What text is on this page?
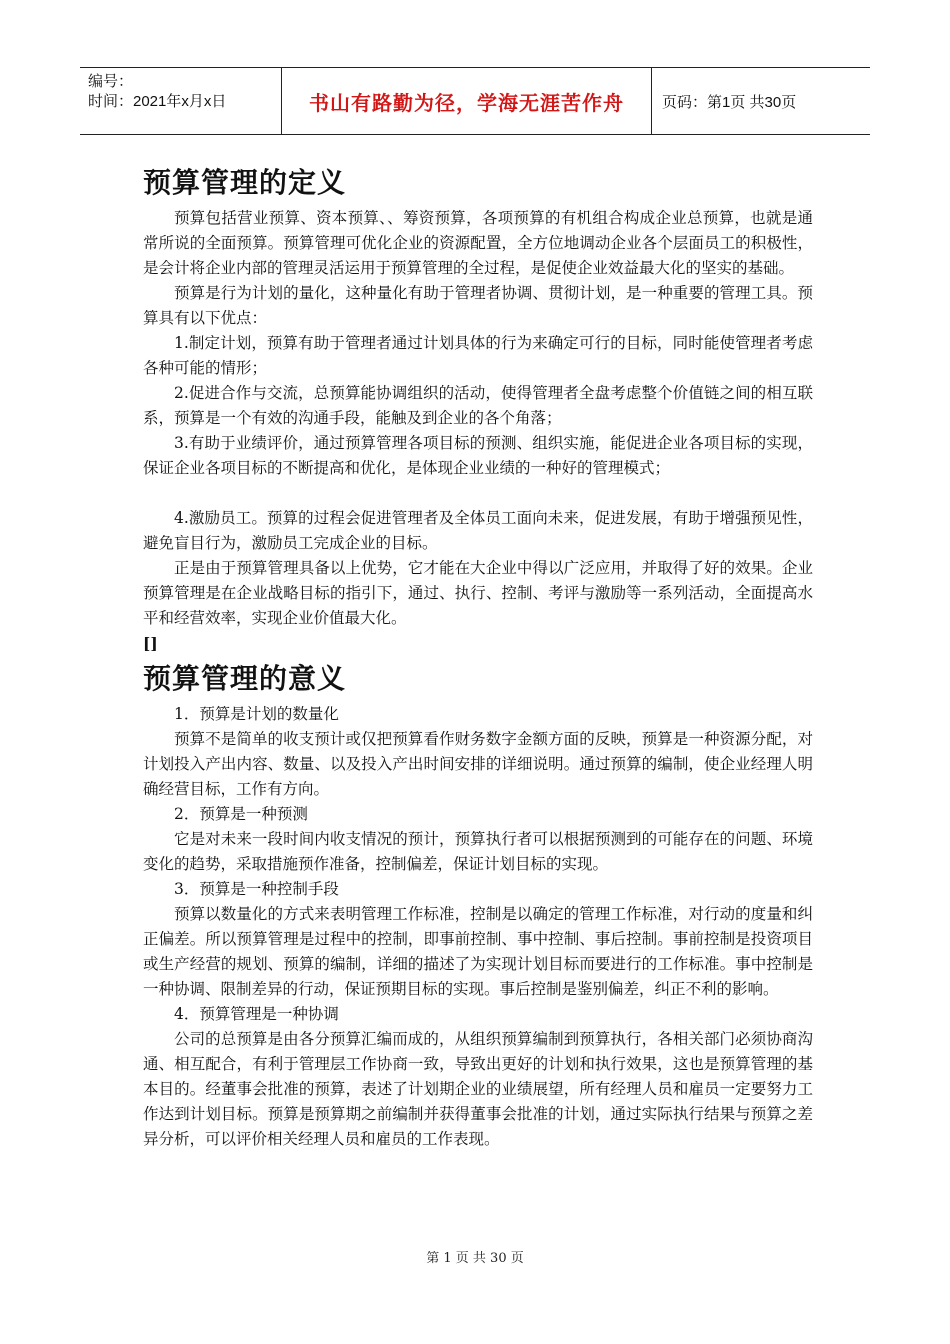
编号：
时间：2021年x月x日	书山有路勤为径，学海无涯苦作舟	页码：第1页 共30页
预算管理的定义

预算包括营业预算、资本预算、、筹资预算，各项预算的有机组合构成企业总预算，也就是通常所说的全面预算。预算管理可优化企业的资源配置，全方位地调动企业各个层面员工的积极性，是会计将企业内部的管理灵活运用于预算管理的全过程，是促使企业效益最大化的坚实的基础。

预算是行为计划的量化，这种量化有助于管理者协调、贯彻计划，是一种重要的管理工具。预算具有以下优点：

1.制定计划，预算有助于管理者通过计划具体的行为来确定可行的目标，同时能使管理者考虑各种可能的情形；

2.促进合作与交流，总预算能协调组织的活动，使得管理者全盘考虑整个价值链之间的相互联系，预算是一个有效的沟通手段，能触及到企业的各个角落；

3.有助于业绩评价，通过预算管理各项目标的预测、组织实施，能促进企业各项目标的实现，保证企业各项目标的不断提高和优化，是体现企业业绩的一种好的管理模式；

4.激励员工。预算的过程会促进管理者及全体员工面向未来，促进发展，有助于增强预见性，避免盲目行为，激励员工完成企业的目标。

正是由于预算管理具备以上优势，它才能在大企业中得以广泛应用，并取得了好的效果。企业预算管理是在企业战略目标的指引下，通过、执行、控制、考评与激励等一系列活动，全面提高水平和经营效率，实现企业价值最大化。

[]

预算管理的意义

1．预算是计划的数量化

预算不是简单的收支预计或仅把预算看作财务数字金额方面的反映，预算是一种资源分配，对计划投入产出内容、数量、以及投入产出时间安排的详细说明。通过预算的编制，使企业经理人明确经营目标，工作有方向。

2．预算是一种预测

它是对未来一段时间内收支情况的预计，预算执行者可以根据预测到的可能存在的问题、环境变化的趋势，采取措施预作准备，控制偏差，保证计划目标的实现。

3．预算是一种控制手段

预算以数量化的方式来表明管理工作标准，控制是以确定的管理工作标准，对行动的度量和纠正偏差。所以预算管理是过程中的控制，即事前控制、事中控制、事后控制。事前控制是投资项目或生产经营的规划、预算的编制，详细的描述了为实现计划目标而要进行的工作标准。事中控制是一种协调、限制差异的行动，保证预期目标的实现。事后控制是鉴别偏差，纠正不利的影响。

4．预算管理是一种协调

公司的总预算是由各分预算汇编而成的，从组织预算编制到预算执行，各相关部门必须协商沟通、相互配合，有利于管理层工作协商一致，导致出更好的计划和执行效果，这也是预算管理的基本目的。经董事会批准的预算，表述了计划期企业的业绩展望，所有经理人员和雇员一定要努力工作达到计划目标。预算是预算期之前编制并获得董事会批准的计划，通过实际执行结果与预算之差异分析，可以评价相关经理人员和雇员的工作表现。

第 1 页 共 30 页
